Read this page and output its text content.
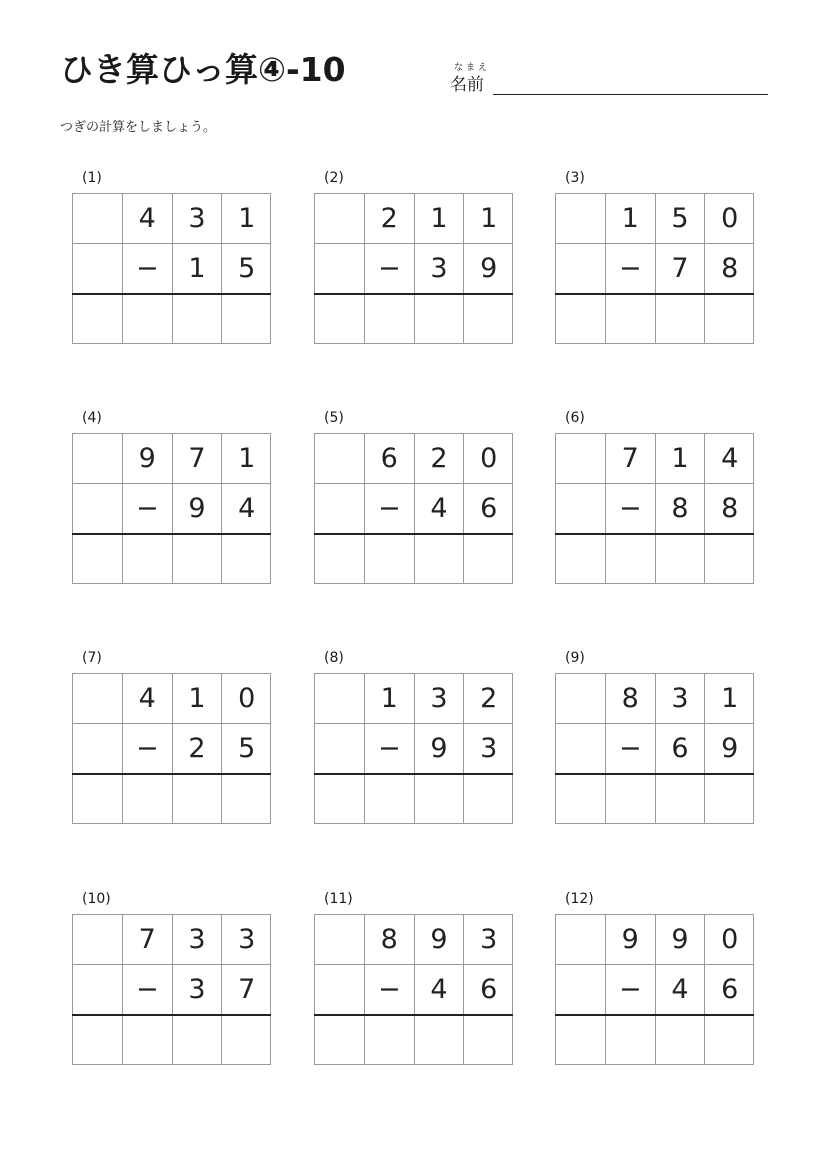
ひき算ひっ算④-10	なまえ
名前
つぎの計算をしましょう。
(1)
4	3	1
−	1	5
(2)
2	1	1
−	3	9
(3)
1	5	0
−	7	8
(4)
9	7	1
−	9	4
(5)
6	2	0
−	4	6
(6)
7	1	4
−	8	8
(7)
4	1	0
−	2	5
(8)
1	3	2
−	9	3
(9)
8	3	1
−	6	9
(10)
7	3	3
−	3	7
(11)
8	9	3
−	4	6
(12)
9	9	0
−	4	6
